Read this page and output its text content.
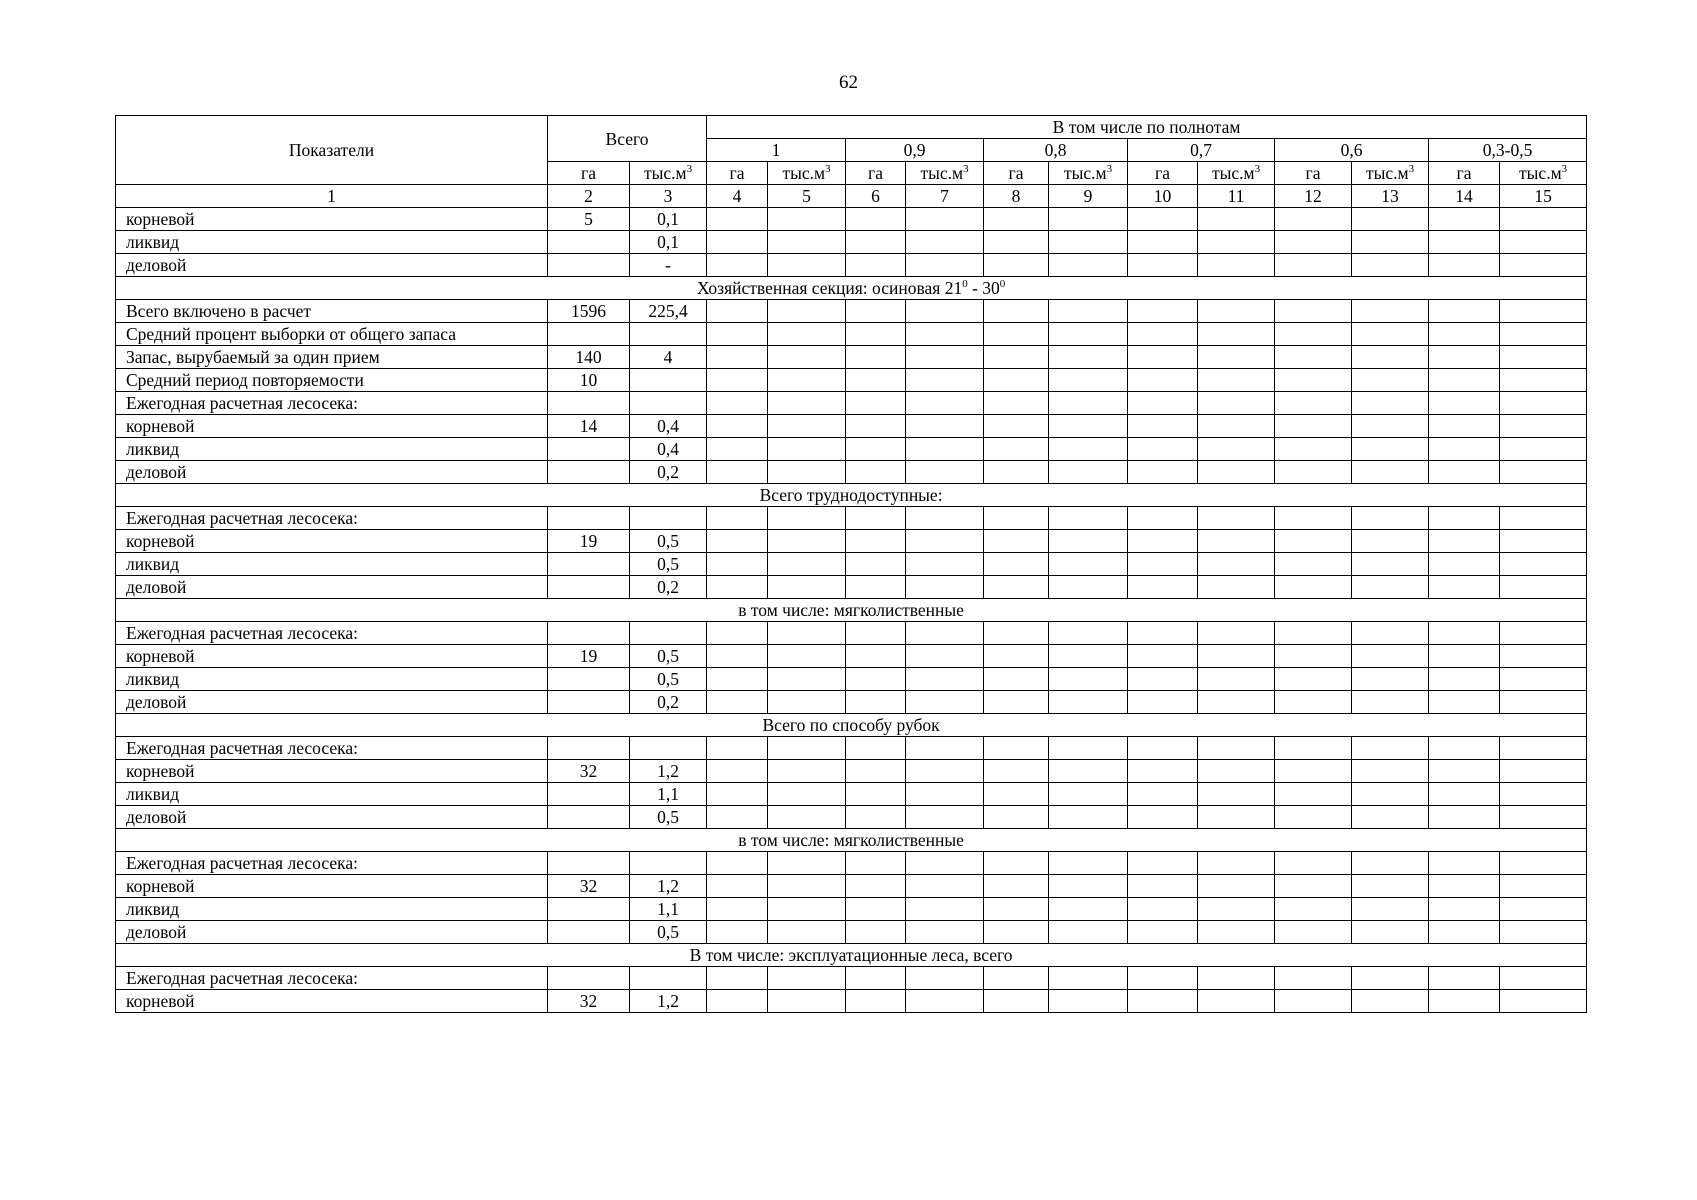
62
Показатели	Всего		В том числе по полнотам											
			1		0,9		0,8		0,7		0,6		0,3-0,5	
	га	$тыс.м^3$	га	$тыс.м^3$	га	$тыс.м^3$	га	$тыс.м^3$	га	$тыс.м^3$	га	$тыс.м^3$	га	$тыс.м^3$
1	2	3	4	5	6	7	8	9	10	11	12	13	14	15
корневой	5	0,1												
ликвид		0,1												
деловой		-												
Хозяйственная секция: осиновая $21^0 - 30^0$
Всего включено в расчет	1596	225,4												
Средний процент выборки от общего запаса														
Запас, вырубаемый за один прием	140	4												
Средний период повторяемости	10													
Ежегодная расчетная лесосека:														
корневой	14	0,4												
ликвид		0,4												
деловой		0,2												
Всего труднодоступные:														
Ежегодная расчетная лесосека:														
корневой	19	0,5												
ликвид		0,5												
деловой		0,2												
в том числе: мягколиственные														
Ежегодная расчетная лесосека:														
корневой	19	0,5												
ликвид		0,5												
деловой		0,2												
Всего по способу рубок														
Ежегодная расчетная лесосека:														
корневой	32	1,2												
ликвид		1,1												
деловой		0,5												
в том числе: мягколиственные														
Ежегодная расчетная лесосека:														
корневой	32	1,2												
ликвид		1,1												
деловой		0,5												
В том числе: эксплуатационные леса, всего														
Ежегодная расчетная лесосека:														
корневой	32	1,2												
